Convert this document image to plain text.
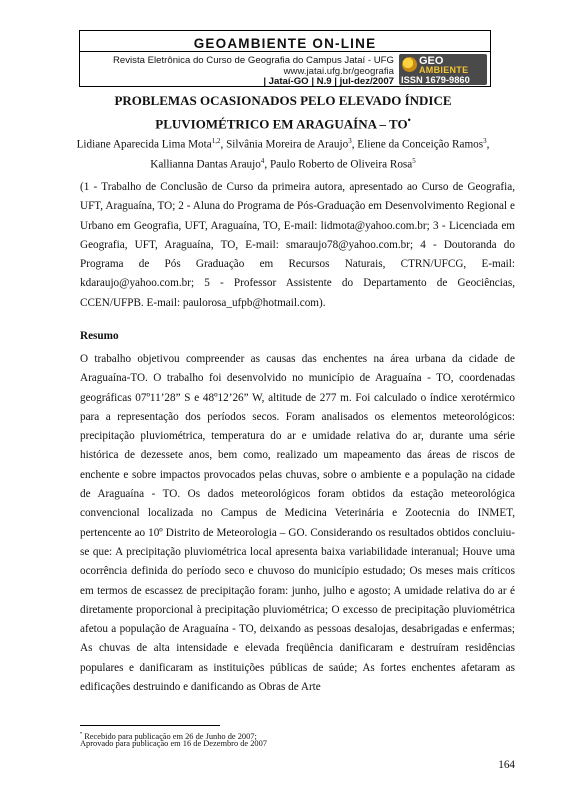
GEOAMBIENTE ON-LINE
Revista Eletrônica do Curso de Geografia do Campus Jataí - UFG
www.jatai.ufg.br/geografia
| Jataí-GO | N.9 | jul-dez/2007
GEO
AMBIENTE
ISSN 1679-9860
PROBLEMAS OCASIONADOS PELO ELEVADO ÍNDICE
PLUVIOMÉTRICO EM ARAGUAÍNA – TO•
Lidiane Aparecida Lima Mota$^{1,2}$, Silvânia Moreira de Araujo$^3$, Eliene da Conceição Ramos$^3$,
Kallianna Dantas Araujo$^4$, Paulo Roberto de Oliveira Rosa$^5$
(1 - Trabalho de Conclusão de Curso da primeira autora, apresentado ao Curso de Geografia, UFT, Araguaína, TO; 2 - Aluna do Programa de Pós-Graduação em Desenvolvimento Regional e Urbano em Geografia, UFT, Araguaína, TO, E-mail: lidmota@yahoo.com.br; 3 - Licenciada em Geografia, UFT, Araguaína, TO, E-mail: smaraujo78@yahoo.com.br; 4 - Doutoranda do Programa de Pós Graduação em Recursos Naturais, CTRN/UFCG, E-mail: kdaraujo@yahoo.com.br; 5 - Professor Assistente do Departamento de Geociências, CCEN/UFPB. E-mail: paulorosa_ufpb@hotmail.com).
Resumo
O trabalho objetivou compreender as causas das enchentes na área urbana da cidade de Araguaína-TO. O trabalho foi desenvolvido no município de Araguaína - TO, coordenadas geográficas 07º11’28” S e 48º12’26” W, altitude de 277 m. Foi calculado o índice xerotérmico para a representação dos períodos secos. Foram analisados os elementos meteorológicos: precipitação pluviométrica, temperatura do ar e umidade relativa do ar, durante uma série histórica de dezessete anos, bem como, realizado um mapeamento das áreas de riscos de enchente e sobre impactos provocados pelas chuvas, sobre o ambiente e a população na cidade de Araguaína - TO. Os dados meteorológicos foram obtidos da estação meteorológica convencional localizada no Campus de Medicina Veterinária e Zootecnia do INMET, pertencente ao 10º Distrito de Meteorologia – GO. Considerando os resultados obtidos concluiu-se que: A precipitação pluviométrica local apresenta baixa variabilidade interanual; Houve uma ocorrência definida do período seco e chuvoso do município estudado; Os meses mais críticos em termos de escassez de precipitação foram: junho, julho e agosto; A umidade relativa do ar é diretamente proporcional à precipitação pluviométrica; O excesso de precipitação pluviométrica afetou a população de Araguaína - TO, deixando as pessoas desalojas, desabrigadas e enfermas; As chuvas de alta intensidade e elevada freqüência danificaram e destruíram residências populares e danificaram as instituições públicas de saúde; As fortes enchentes afetaram as edificações destruindo e danificando as Obras de Arte
• Recebido para publicação em 26 de Junho de 2007;
Aprovado para publicação em 16 de Dezembro de 2007
164
